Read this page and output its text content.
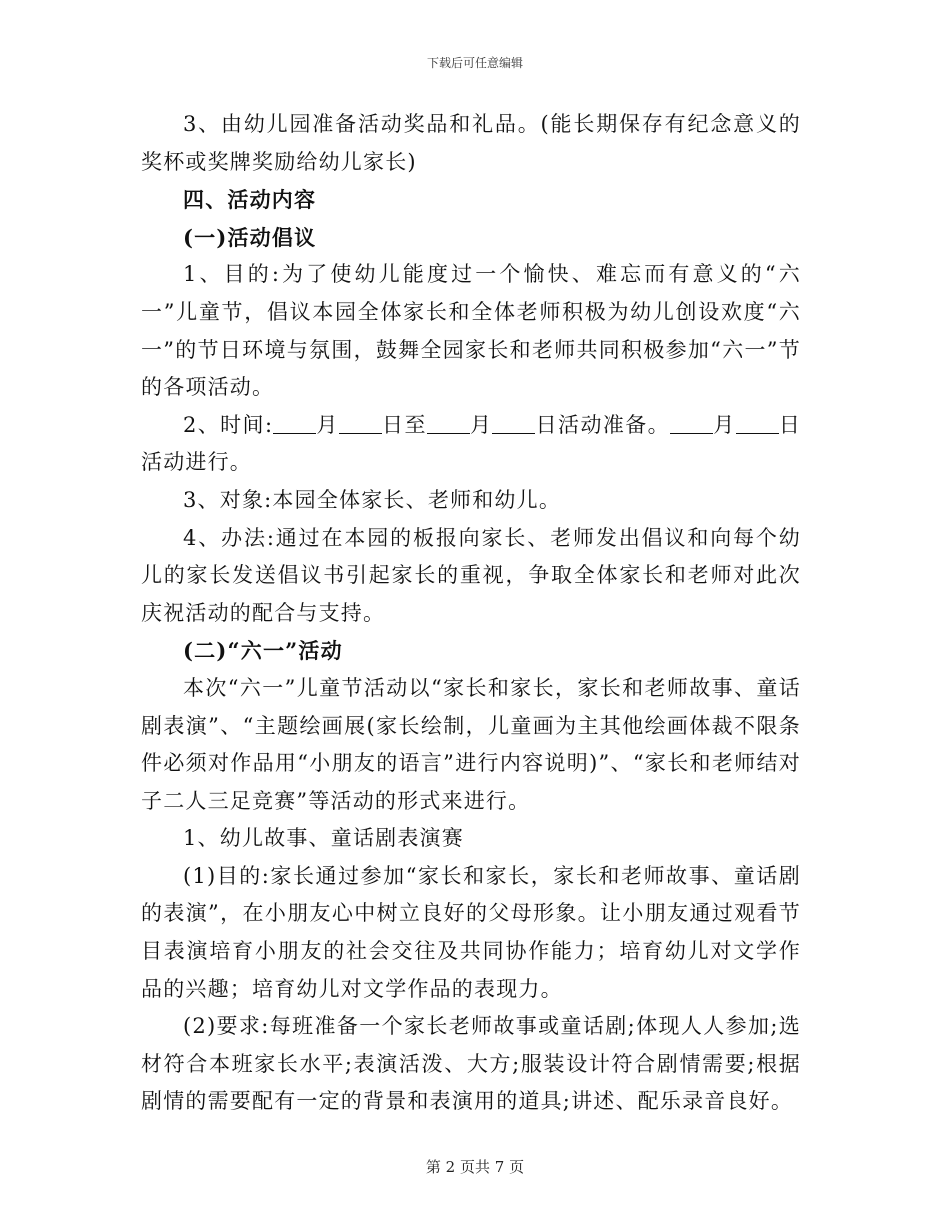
下载后可任意编辑

3、由幼儿园准备活动奖品和礼品。(能长期保存有纪念意义的奖杯或奖牌奖励给幼儿家长)

四、活动内容

(一)活动倡议

1、目的:为了使幼儿能度过一个愉快、难忘而有意义的“六一”儿童节，倡议本园全体家长和全体老师积极为幼儿创设欢度“六一”的节日环境与氛围，鼓舞全园家长和老师共同积极参加“六一”节的各项活动。

2、时间: 月 日至 月 日活动准备。 月 日活动进行。

3、对象:本园全体家长、老师和幼儿。

4、办法:通过在本园的板报向家长、老师发出倡议和向每个幼儿的家长发送倡议书引起家长的重视，争取全体家长和老师对此次庆祝活动的配合与支持。

(二)“六一”活动

本次“六一”儿童节活动以“家长和家长，家长和老师故事、童话剧表演”、“主题绘画展(家长绘制，儿童画为主其他绘画体裁不限条件必须对作品用“小朋友的语言”进行内容说明)”、“家长和老师结对子二人三足竞赛”等活动的形式来进行。

1、幼儿故事、童话剧表演赛

(1)目的:家长通过参加“家长和家长，家长和老师故事、童话剧的表演”，在小朋友心中树立良好的父母形象。让小朋友通过观看节目表演培育小朋友的社会交往及共同协作能力；培育幼儿对文学作品的兴趣；培育幼儿对文学作品的表现力。

(2)要求:每班准备一个家长老师故事或童话剧;体现人人参加;选材符合本班家长水平;表演活泼、大方;服装设计符合剧情需要;根据剧情的需要配有一定的背景和表演用的道具;讲述、配乐录音良好。

第 2 页共 7 页
